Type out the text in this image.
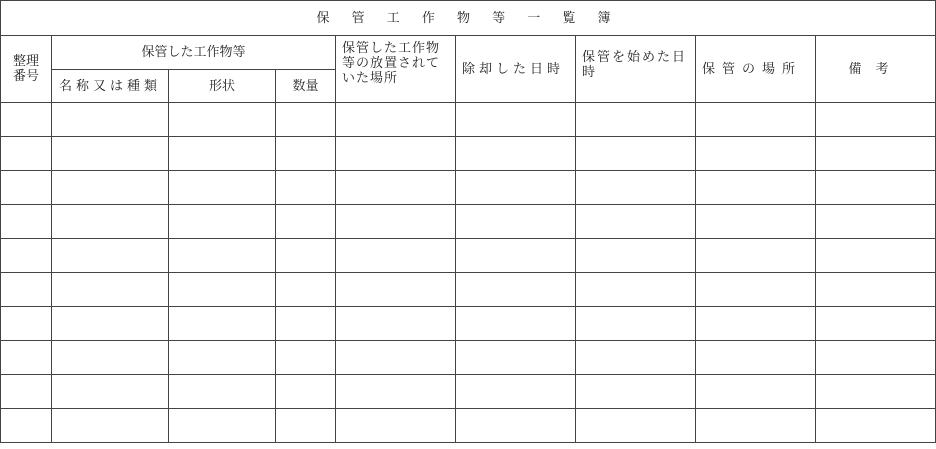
保 管 工 作 物 等 一 覧 簿								
整理番号	保管した工作物等			保管した工作物等の放置されていた場所	除却した日時	保管を始めた日時	保管の場所	備考
	名称又は種類	形状	数量					
